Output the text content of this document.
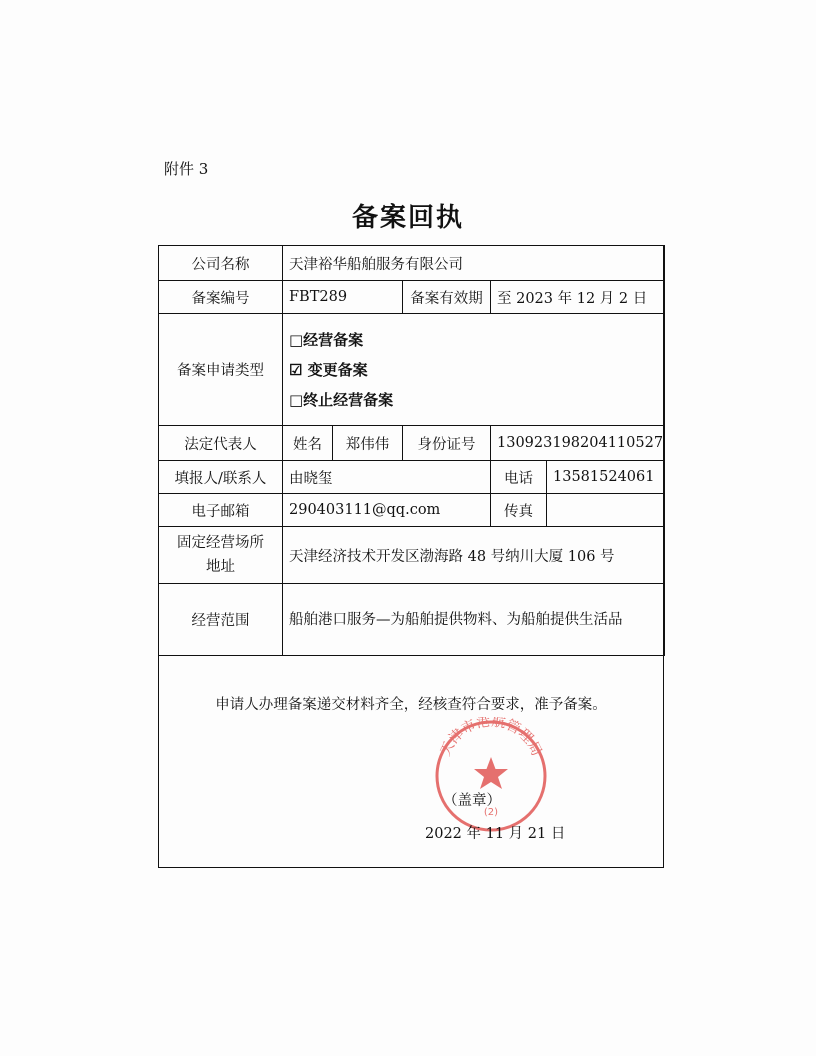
附件 3
备案回执
公司名称	天津裕华船舶服务有限公司				
备案编号	FBT289		备案有效期	至 2023 年 12 月 2 日	
备案申请类型	□经营备案
☑ 变更备案
□终止经营备案				

法定代表人	姓名	郑伟伟	身份证号	130923198204110527	
填报人/联系人	由晓玺			电话	13581524061
电子邮箱	290403111@qq.com			传真	

固定经营场所
地址	天津经济技术开发区渤海路 48 号纳川大厦 106 号				
经营范围	船舶港口服务—为船舶提供物料、为船舶提供生活品				
申请人办理备案递交材料齐全，经核查符合要求，准予备案。
天津市港航管理局
(2)
（盖章）
2022 年 11 月 21 日
